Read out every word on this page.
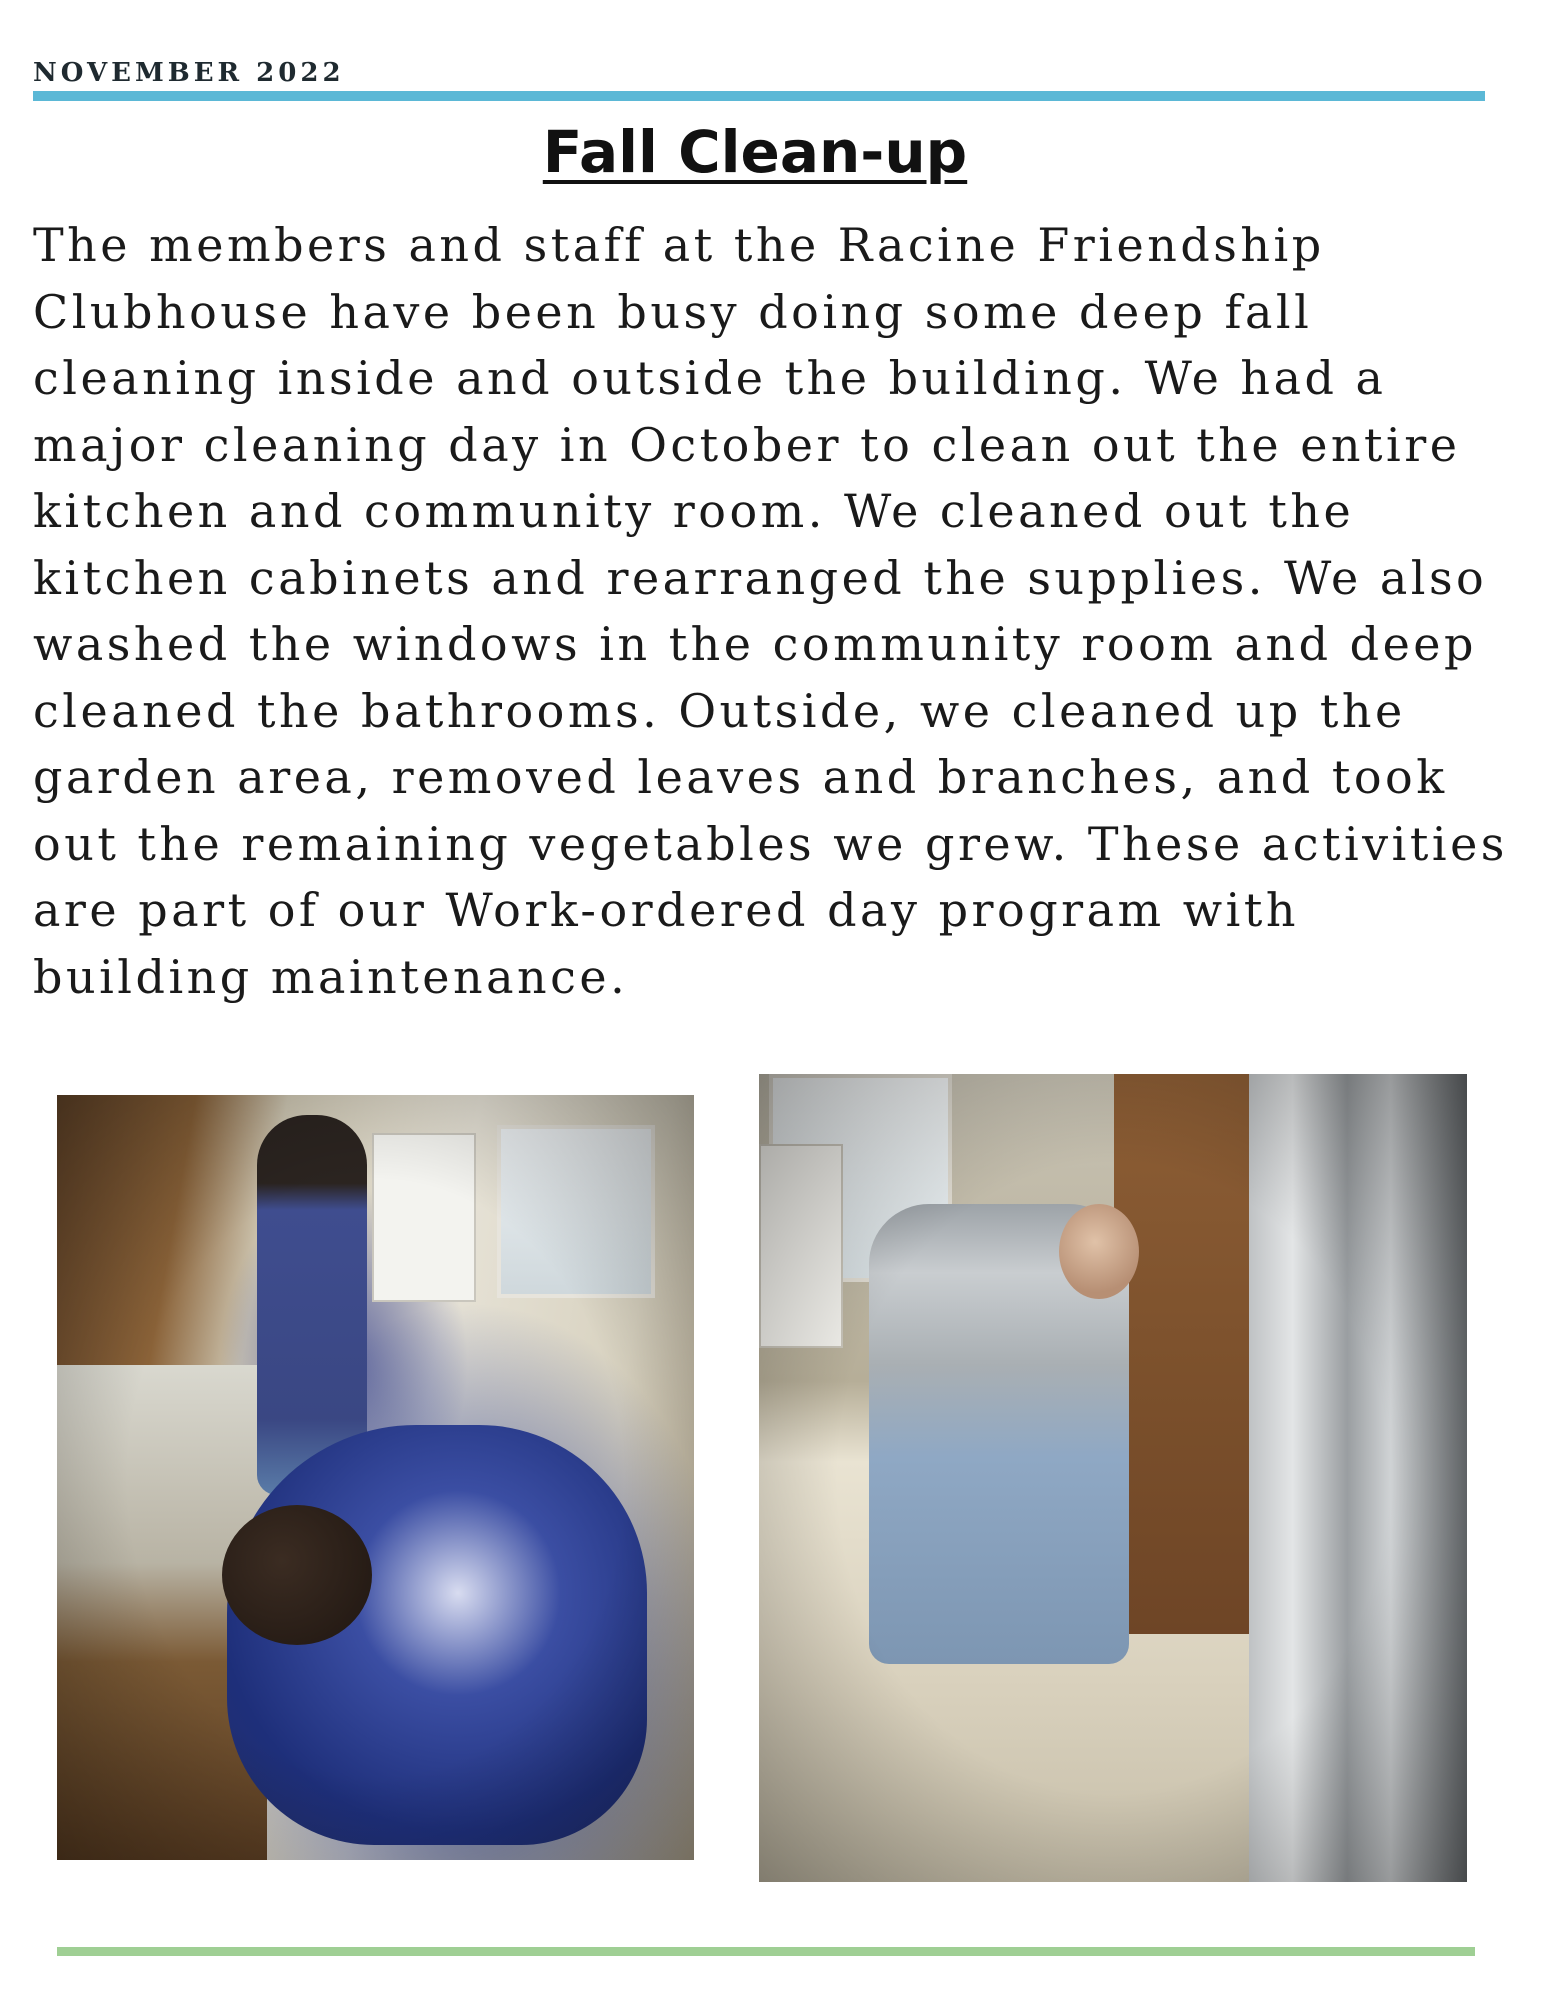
NOVEMBER 2022
Fall Clean-up

The members and staff at the Racine Friendship Clubhouse have been busy doing some deep fall cleaning inside and outside the building. We had a major cleaning day in October to clean out the entire kitchen and community room. We cleaned out the kitchen cabinets and rearranged the supplies. We also washed the windows in the community room and deep cleaned the bathrooms. Outside, we cleaned up the garden area, removed leaves and branches, and took out the remaining vegetables we grew. These activities are part of our Work-ordered day program with building maintenance.
